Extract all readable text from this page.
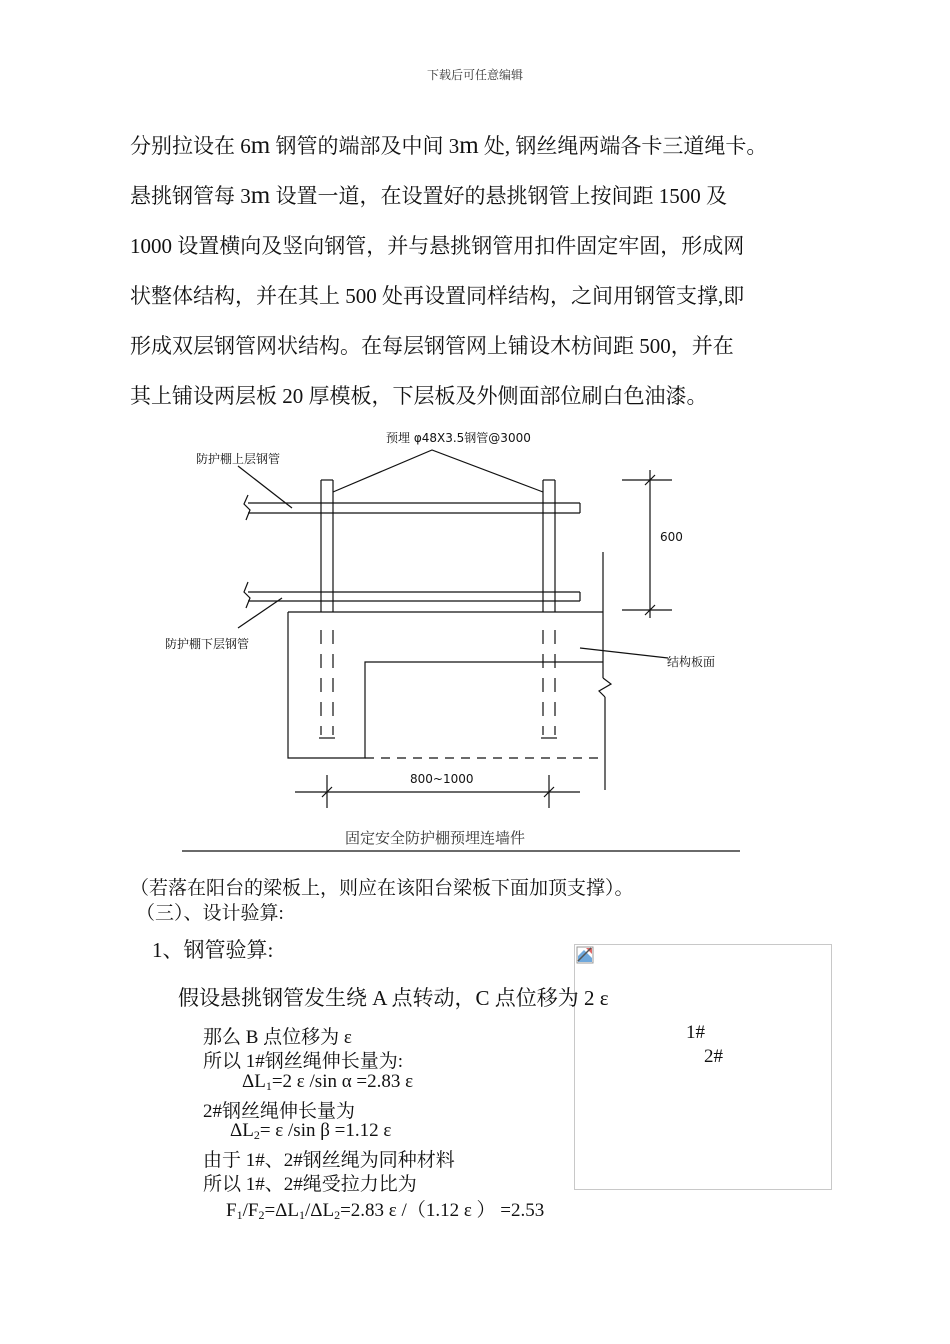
下载后可任意编辑
分别拉设在 6m 钢管的端部及中间 3m 处, 钢丝绳两端各卡三道绳卡。
悬挑钢管每 3m 设置一道，在设置好的悬挑钢管上按间距 1500 及
1000 设置横向及竖向钢管，并与悬挑钢管用扣件固定牢固，形成网
状整体结构，并在其上 500 处再设置同样结构，之间用钢管支撑,即
形成双层钢管网状结构。在每层钢管网上铺设木枋间距 500，并在
其上铺设两层板 20 厚模板，下层板及外侧面部位刷白色油漆。
预埋 φ48X3.5钢管@3000
防护棚上层钢管
防护棚下层钢管
结构板面
600
800~1000
固定安全防护棚预埋连墙件
（若落在阳台的梁板上，则应在该阳台梁板下面加顶支撑）。
（三）、设计验算:
1、钢管验算:
假设悬挑钢管发生绕 A 点转动，C 点位移为 2 ε
那么 B 点位移为 ε	1#
所以 1#钢丝绳伸长量为:	2#
$\Delta L_1=2$ ε /sin α =2.83 ε
2#钢丝绳伸长量为
$\Delta L_2= \varepsilon$ /sin β =1.12 ε
由于 1#、2#钢丝绳为同种材料
所以 1#、2#绳受拉力比为
$F_1/F_2=\Delta L_1/\Delta L_2=2.83$ ε /（1.12 ε ） =2.53
